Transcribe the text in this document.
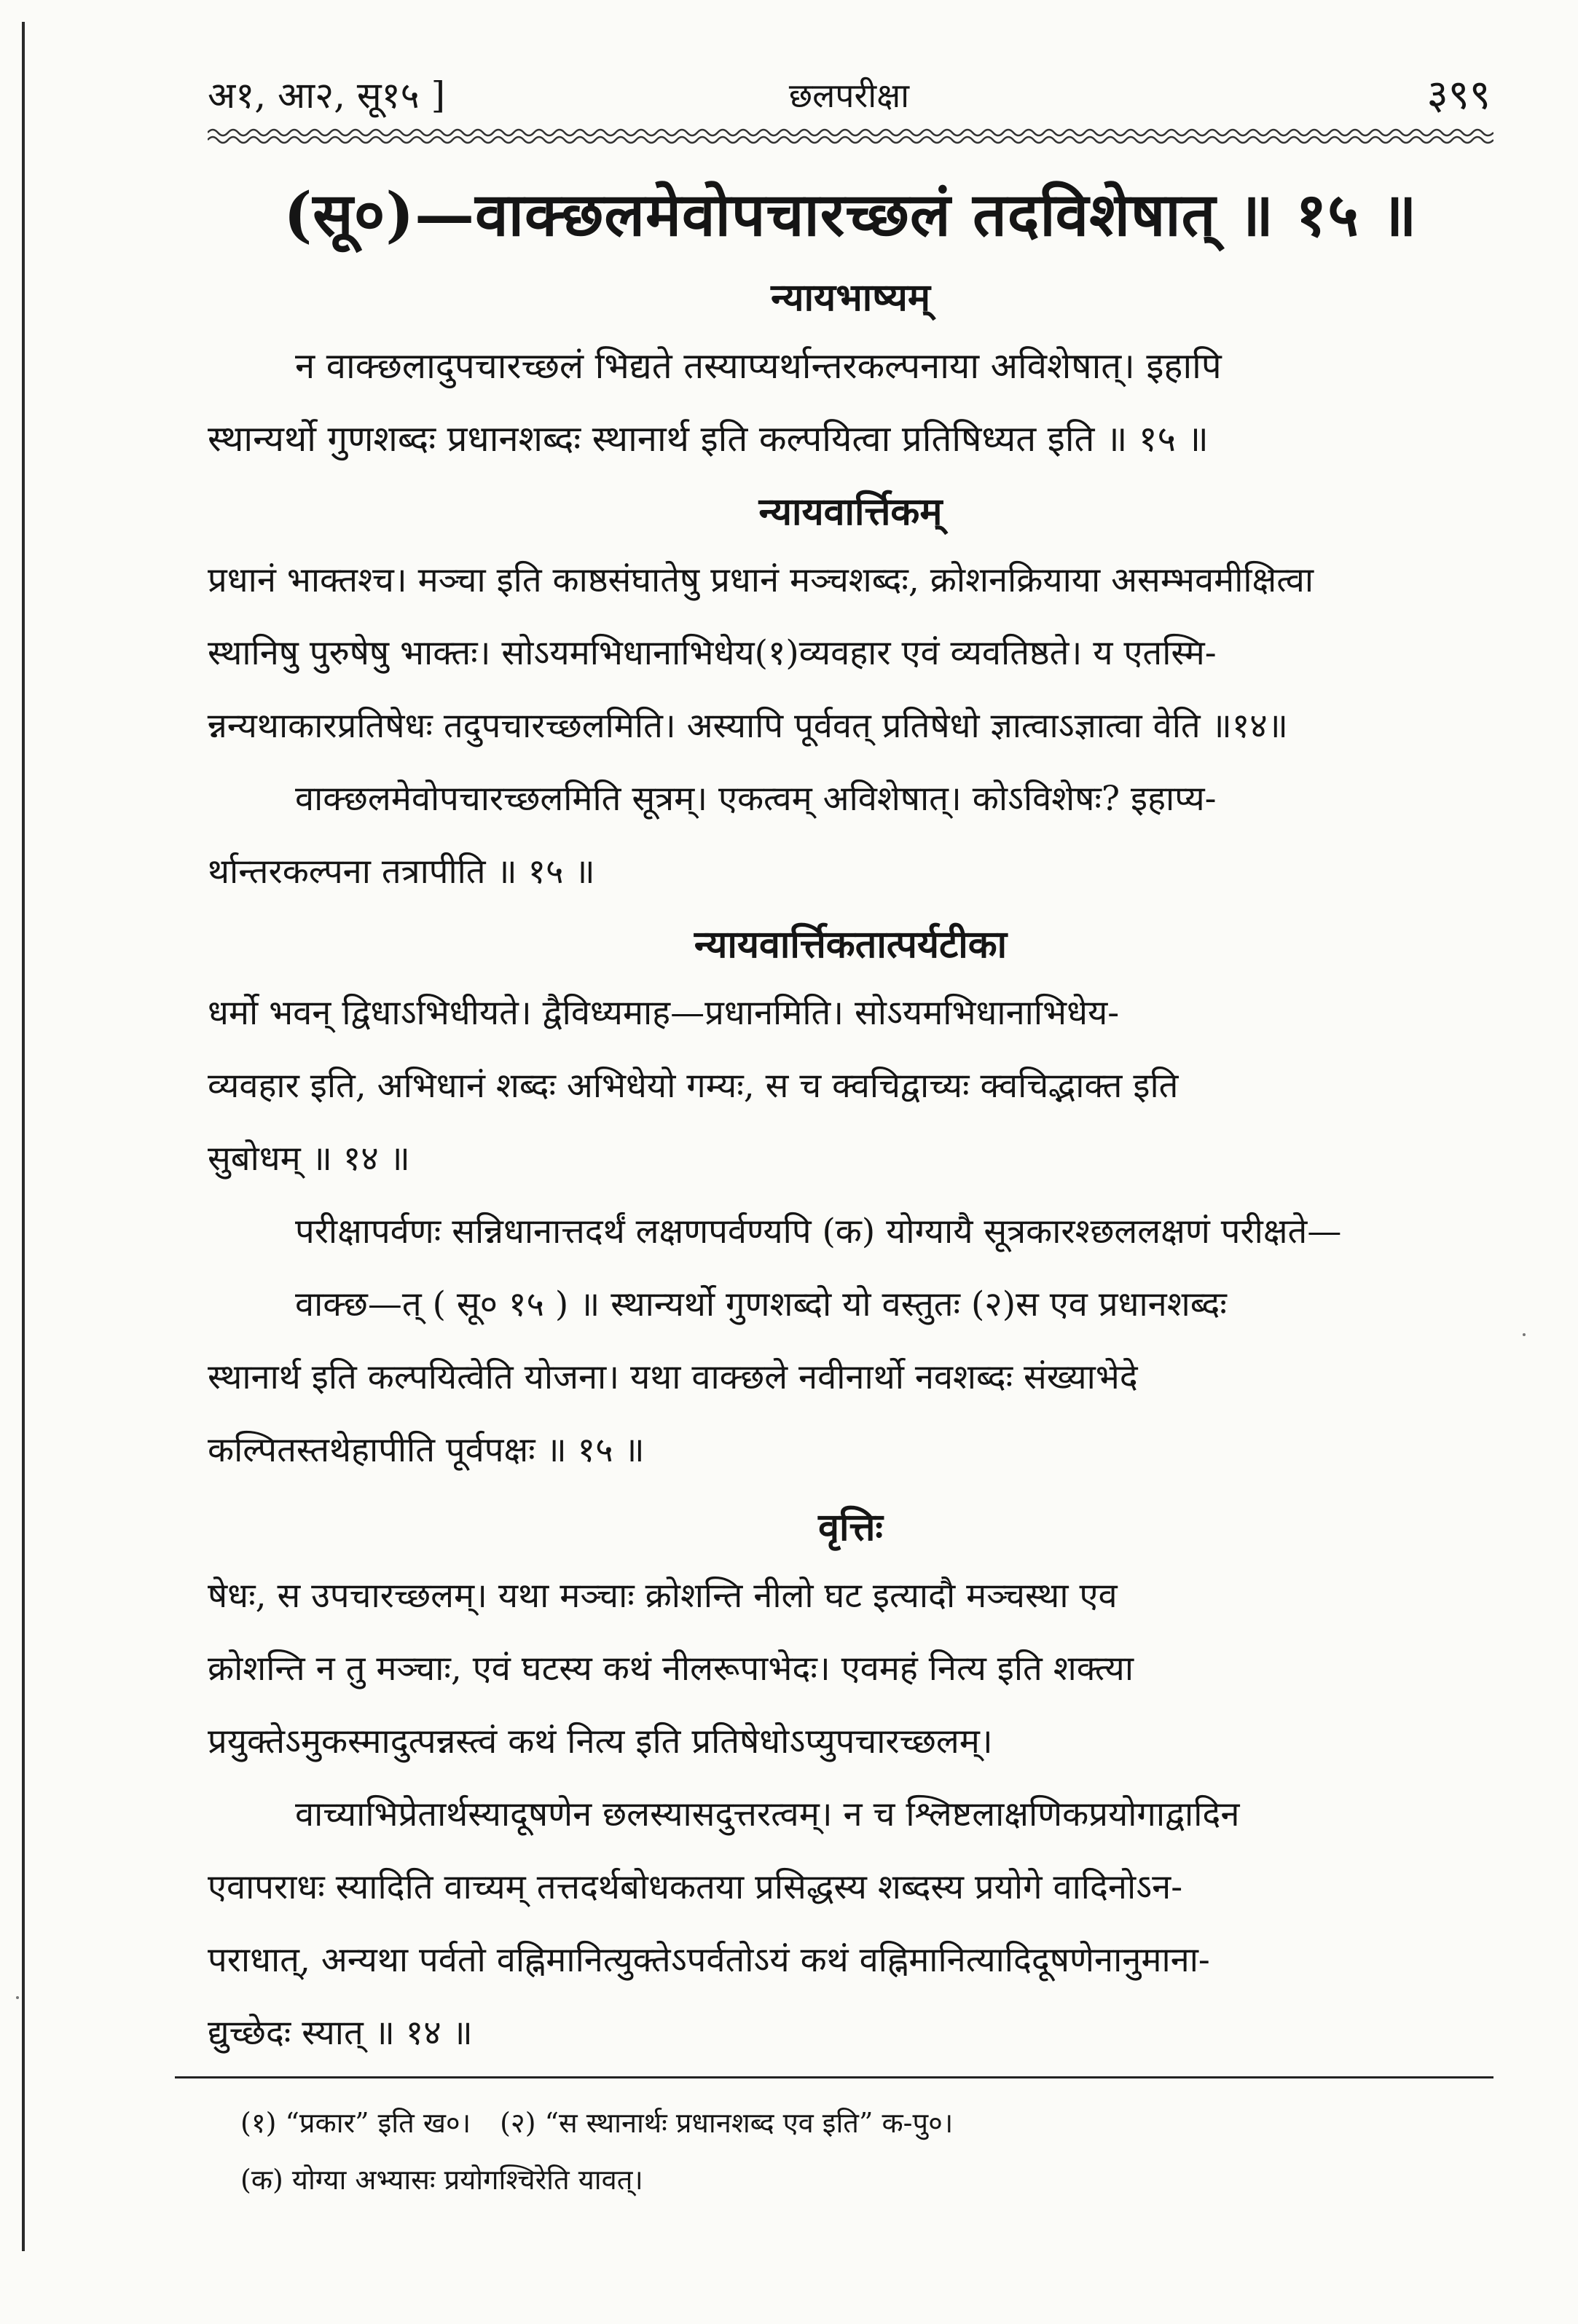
अ१, आ२, सू१५ ]	छलपरीक्षा	३९९

(सू०)—वाक्छलमेवोपचारच्छलं तदविशेषात् ॥ १५ ॥

न्यायभाष्यम्

न वाक्छलादुपचारच्छलं भिद्यते तस्याप्यर्थान्तरकल्पनाया अविशेषात्। इहापि

स्थान्यर्थो गुणशब्दः प्रधानशब्दः स्थानार्थ इति कल्पयित्वा प्रतिषिध्यत इति ॥ १५ ॥

न्यायवार्त्तिकम्

प्रधानं भाक्तश्च। मञ्चा इति काष्ठसंघातेषु प्रधानं मञ्चशब्दः, क्रोशनक्रियाया असम्भवमीक्षित्वा

स्थानिषु पुरुषेषु भाक्तः। सोऽयमभिधानाभिधेय(१)व्यवहार एवं व्यवतिष्ठते। य एतस्मि-

न्नन्यथाकारप्रतिषेधः तदुपचारच्छलमिति। अस्यापि पूर्ववत् प्रतिषेधो ज्ञात्वाऽज्ञात्वा वेति ॥१४॥

वाक्छलमेवोपचारच्छलमिति सूत्रम्। एकत्वम् अविशेषात्। कोऽविशेषः? इहाप्य-

र्थान्तरकल्पना तत्रापीति ॥ १५ ॥

न्यायवार्त्तिकतात्पर्यटीका

धर्मो भवन् द्विधाऽभिधीयते। द्वैविध्यमाह—प्रधानमिति। सोऽयमभिधानाभिधेय-

व्यवहार इति, अभिधानं शब्दः अभिधेयो गम्यः, स च क्वचिद्वाच्यः क्वचिद्भाक्त इति

सुबोधम् ॥ १४ ॥

परीक्षापर्वणः सन्निधानात्तदर्थं लक्षणपर्वण्यपि (क) योग्यायै सूत्रकारश्छललक्षणं परीक्षते—

वाक्छ—त् ( सू० १५ ) ॥ स्थान्यर्थो गुणशब्दो यो वस्तुतः (२)स एव प्रधानशब्दः

स्थानार्थ इति कल्पयित्वेति योजना। यथा वाक्छले नवीनार्थो नवशब्दः संख्याभेदे

कल्पितस्तथेहापीति पूर्वपक्षः ॥ १५ ॥

वृत्तिः

षेधः, स उपचारच्छलम्। यथा मञ्चाः क्रोशन्ति नीलो घट इत्यादौ मञ्चस्था एव

क्रोशन्ति न तु मञ्चाः, एवं घटस्य कथं नीलरूपाभेदः। एवमहं नित्य इति शक्त्या

प्रयुक्तेऽमुकस्मादुत्पन्नस्त्वं कथं नित्य इति प्रतिषेधोऽप्युपचारच्छलम्।

वाच्याभिप्रेतार्थस्यादूषणेन छलस्यासदुत्तरत्वम्। न च श्लिष्टलाक्षणिकप्रयोगाद्वादिन

एवापराधः स्यादिति वाच्यम् तत्तदर्थबोधकतया प्रसिद्धस्य शब्दस्य प्रयोगे वादिनोऽन-

पराधात्, अन्यथा पर्वतो वह्निमानित्युक्तेऽपर्वतोऽयं कथं वह्निमानित्यादिदूषणेनानुमाना-

द्युच्छेदः स्यात् ॥ १४ ॥

(१) “प्रकार” इति ख०। (२) “स स्थानार्थः प्रधानशब्द एव इति” क-पु०।

(क) योग्या अभ्यासः प्रयोगश्चिरेति यावत्।
